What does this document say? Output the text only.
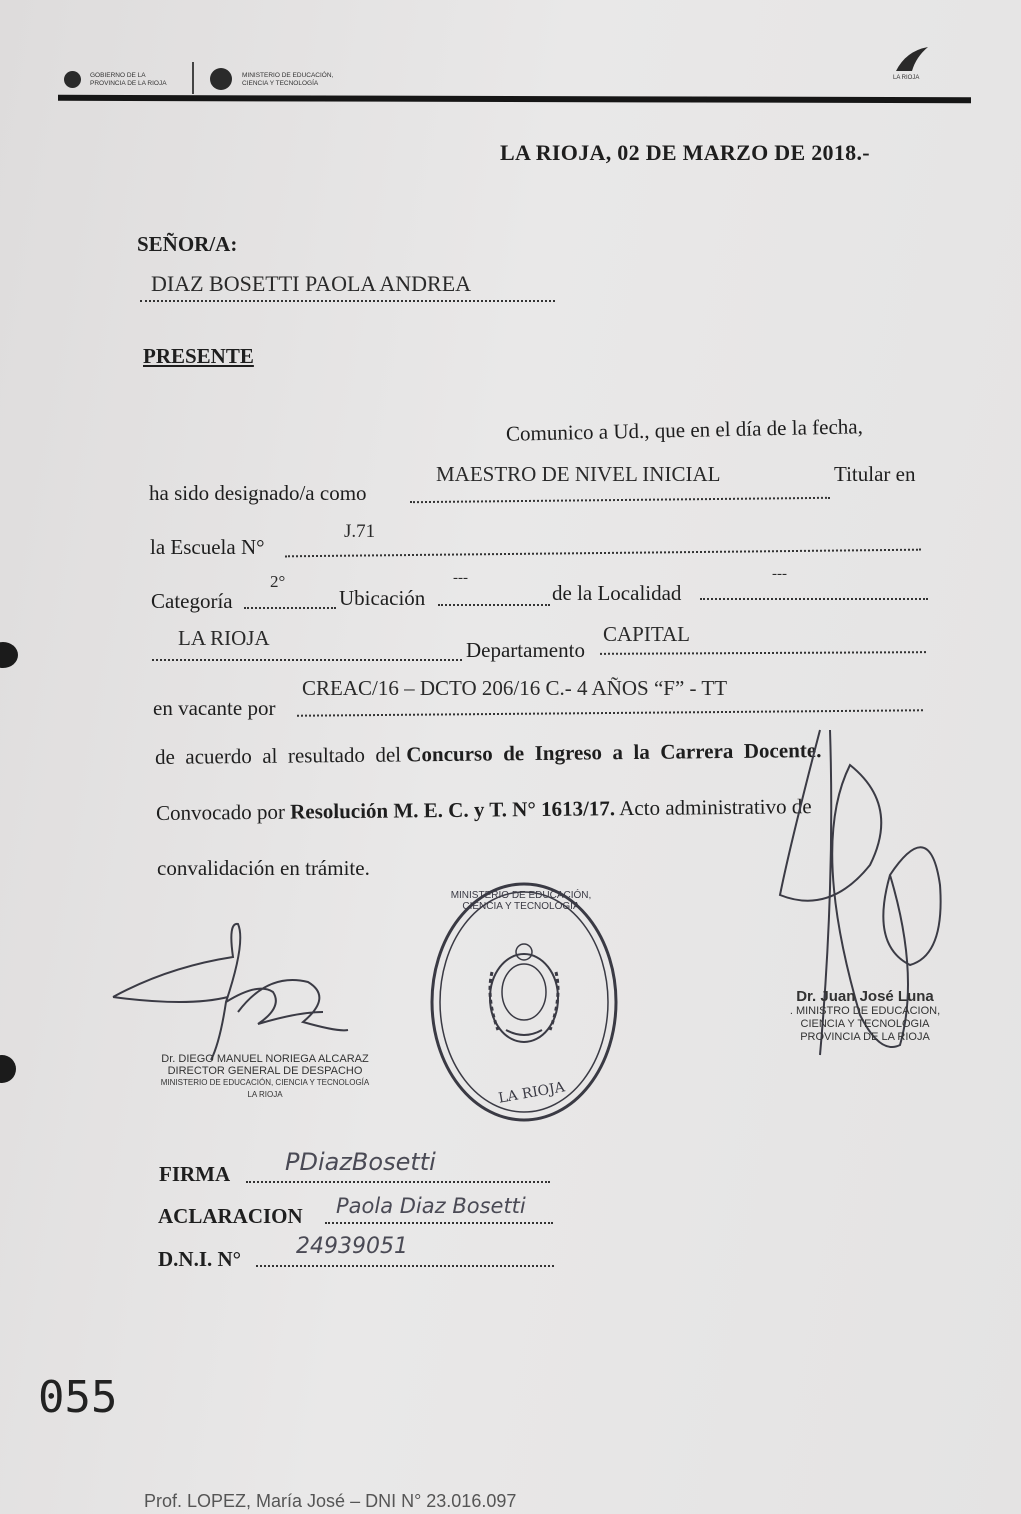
GOBIERNO DE LA PROVINCIA DE LA RIOJA
MINISTERIO DE EDUCACIÓN, CIENCIA Y TECNOLOGÍA
LA RIOJA
LA RIOJA, 02 DE MARZO DE 2018.-
SEÑOR/A:
DIAZ BOSETTI PAOLA ANDREA
PRESENTE
Comunico a Ud., que en el día de la fecha,
ha sido designado/a como
MAESTRO DE NIVEL INICIAL	Titular en
la Escuela N°
J.71
Categoría
2°
Ubicación
---
de la Localidad
---
LA RIOJA	Departamento
CAPITAL
en vacante por
CREAC/16 – DCTO 206/16 C.- 4 AÑOS “F” - TT
de  acuerdo  al  resultado  del Concurso  de  Ingreso  a  la  Carrera  Docente.
Convocado por Resolución M. E. C. y T. N° 1613/17. Acto administrativo de
convalidación en trámite.
Dr. DIEGO MANUEL NORIEGA ALCARAZ
DIRECTOR GENERAL DE DESPACHO
MINISTERIO DE EDUCACIÓN, CIENCIA Y TECNOLOGÍA
LA RIOJA
MINISTERIO DE EDUCACIÓN, CIENCIA Y TECNOLOGÍA
LA RIOJA
Dr. Juan José Luna
. MINISTRO DE EDUCACION,
CIENCIA Y TECNOLOGIA
PROVINCIA DE LA RIOJA
FIRMA PDiazBosetti
ACLARACION Paola Diaz Bosetti
D.N.I. N° 24939051
055
Prof. LOPEZ, María José – DNI N° 23.016.097
